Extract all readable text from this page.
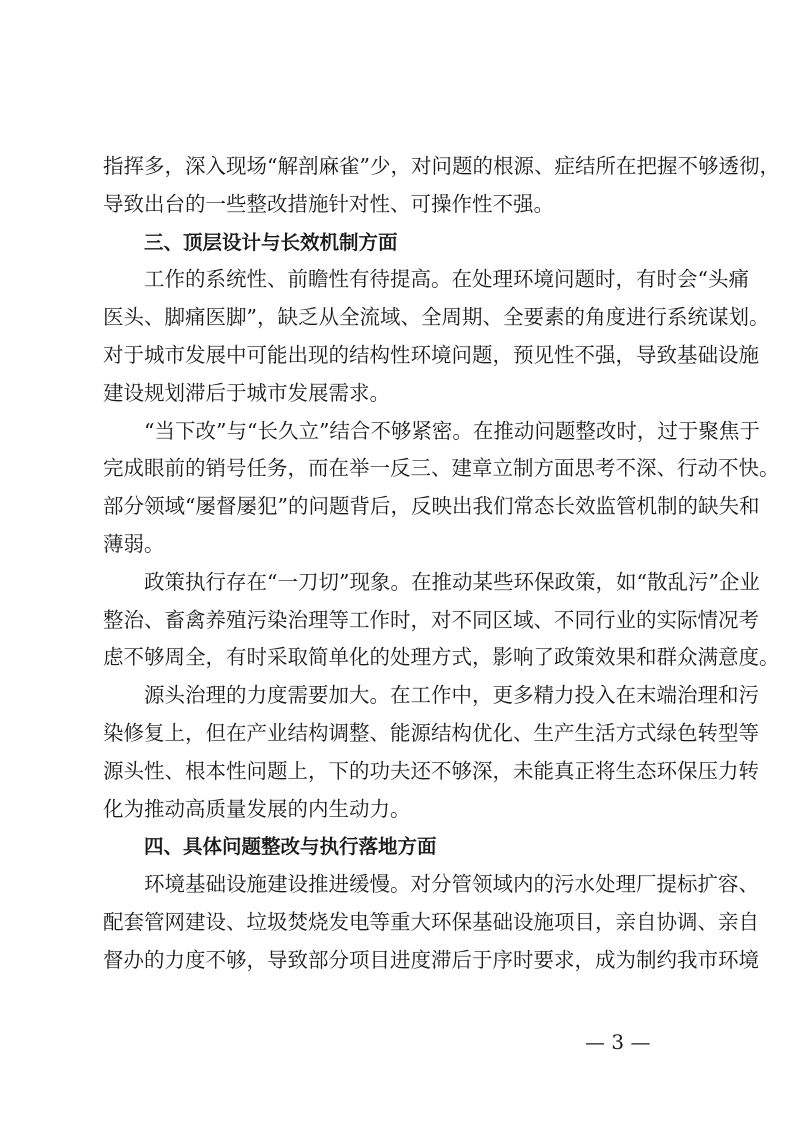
指挥多，深入现场“解剖麻雀”少，对问题的根源、症结所在把握不够透彻，
导致出台的一些整改措施针对性、可操作性不强。
三、顶层设计与长效机制方面
工作的系统性、前瞻性有待提高。在处理环境问题时，有时会“头痛
医头、脚痛医脚”，缺乏从全流域、全周期、全要素的角度进行系统谋划。
对于城市发展中可能出现的结构性环境问题，预见性不强，导致基础设施
建设规划滞后于城市发展需求。
“当下改”与“长久立”结合不够紧密。在推动问题整改时，过于聚焦于
完成眼前的销号任务，而在举一反三、建章立制方面思考不深、行动不快。
部分领域“屡督屡犯”的问题背后，反映出我们常态长效监管机制的缺失和
薄弱。
政策执行存在“一刀切”现象。在推动某些环保政策，如“散乱污”企业
整治、畜禽养殖污染治理等工作时，对不同区域、不同行业的实际情况考
虑不够周全，有时采取简单化的处理方式，影响了政策效果和群众满意度。
源头治理的力度需要加大。在工作中，更多精力投入在末端治理和污
染修复上，但在产业结构调整、能源结构优化、生产生活方式绿色转型等
源头性、根本性问题上，下的功夫还不够深，未能真正将生态环保压力转
化为推动高质量发展的内生动力。
四、具体问题整改与执行落地方面
环境基础设施建设推进缓慢。对分管领域内的污水处理厂提标扩容、
配套管网建设、垃圾焚烧发电等重大环保基础设施项目，亲自协调、亲自
督办的力度不够，导致部分项目进度滞后于序时要求，成为制约我市环境
— 3 —
